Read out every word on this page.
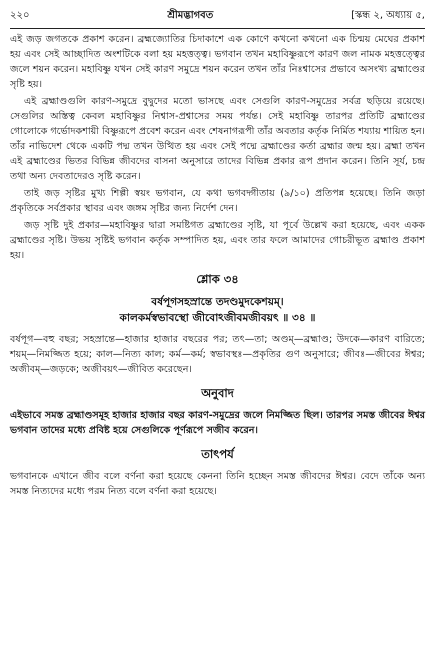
২২০	শ্রীমদ্ভাগবত	[স্কন্ধ ২, অধ্যায় ৫,

এই জড় জগতকে প্রকাশ করেন। ব্রহ্মজ্যোতির চিদাকাশে এক কোণে কখনো কখনো এক চিন্ময় মেঘের প্রকাশ হয় এবং সেই আচ্ছাদিত অংশটিকে বলা হয় মহত্তত্ত্ব। ভগবান তখন মহাবিষ্ণুরূপে কারণ জল নামক মহত্তত্ত্বের জলে শয়ন করেন। মহাবিষ্ণু যখন সেই কারণ সমুদ্রে শয়ন করেন তখন তাঁর নিঃশ্বাসের প্রভাবে অসংখ্য ব্রহ্মাণ্ডের সৃষ্টি হয়।

এই ব্রহ্মাণ্ডগুলি কারণ-সমুদ্রে বুদ্বুদের মতো ভাসছে এবং সেগুলি কারণ-সমুদ্রের সর্বত্র ছড়িয়ে রয়েছে। সেগুলির অস্তিত্ব কেবল মহাবিষ্ণুর নিশ্বাস-প্রশ্বাসের সময় পর্যন্ত। সেই মহাবিষ্ণু তারপর প্রতিটি ব্রহ্মাণ্ডের গোলোকে গর্ভোদকশায়ী বিষ্ণুরূপে প্রবেশ করেন এবং শেষনাগরূপী তাঁর অবতার কর্তৃক নির্মিত শয্যায় শায়িত হন। তাঁর নাভিদেশ থেকে একটি পদ্ম তখন উত্থিত হয় এবং সেই পদ্মে ব্রহ্মাণ্ডের কর্তা ব্রহ্মার জন্ম হয়। ব্রহ্মা তখন এই ব্রহ্মাণ্ডের ভিতর বিভিন্ন জীবদের বাসনা অনুসারে তাদের বিভিন্ন প্রকার রূপ প্রদান করেন। তিনি সূর্য, চন্দ্র তথা অন্য দেবতাদেরও সৃষ্টি করেন।

তাই জড় সৃষ্টির মুখ্য শিল্পী স্বয়ং ভগবান, যে কথা ভগবদ্গীতায় (৯/১০) প্রতিপন্ন হয়েছে। তিনি জড়া প্রকৃতিকে সর্বপ্রকার স্থাবর এবং জঙ্গম সৃষ্টির জন্য নির্দেশ দেন।

জড় সৃষ্টি দুই প্রকার—মহাবিষ্ণুর দ্বারা সমষ্টিগত ব্রহ্মাণ্ডের সৃষ্টি, যা পূর্বে উল্লেখ করা হয়েছে, এবং একক ব্রহ্মাণ্ডের সৃষ্টি। উভয় সৃষ্টিই ভগবান কর্তৃক সম্পাদিত হয়, এবং তার ফলে আমাদের গোচরীভূত ব্রহ্মাণ্ড প্রকাশ হয়।

শ্লোক ৩৪
বর্ষপূগসহস্রান্তে তদণ্ডমুদকেশয়ম্।
কালকর্মস্বভাবস্থো জীবোঽজীবমজীবয়ৎ ॥ ৩৪ ॥

বর্ষপূগ—বহু বছর; সহস্রান্তে—হাজার হাজার বছরের পর; তৎ—তা; অণ্ডম্—ব্রহ্মাণ্ড; উদকে—কারণ বারিতে; শয়ম্—নিমজ্জিত হয়ে; কাল—নিত্য কাল; কর্ম—কর্ম; স্বভাবস্থঃ—প্রকৃতির গুণ অনুসারে; জীবঃ—জীবের ঈশ্বর; অজীবম্—জড়কে; অজীবয়ৎ—জীবিত করেছেন।

অনুবাদ

এইভাবে সমস্ত ব্রহ্মাণ্ডসমূহ হাজার হাজার বছর কারণ-সমুদ্রের জলে নিমজ্জিত ছিল। তারপর সমস্ত জীবের ঈশ্বর ভগবান তাদের মধ্যে প্রবিষ্ট হয়ে সেগুলিকে পূর্ণরূপে সজীব করেন।

তাৎপর্য

ভগবানকে এখানে জীব বলে বর্ণনা করা হয়েছে কেননা তিনি হচ্ছেন সমস্ত জীবদের ঈশ্বর। বেদে তাঁকে অন্য সমস্ত নিত্যদের মধ্যে পরম নিত্য বলে বর্ণনা করা হয়েছে।
